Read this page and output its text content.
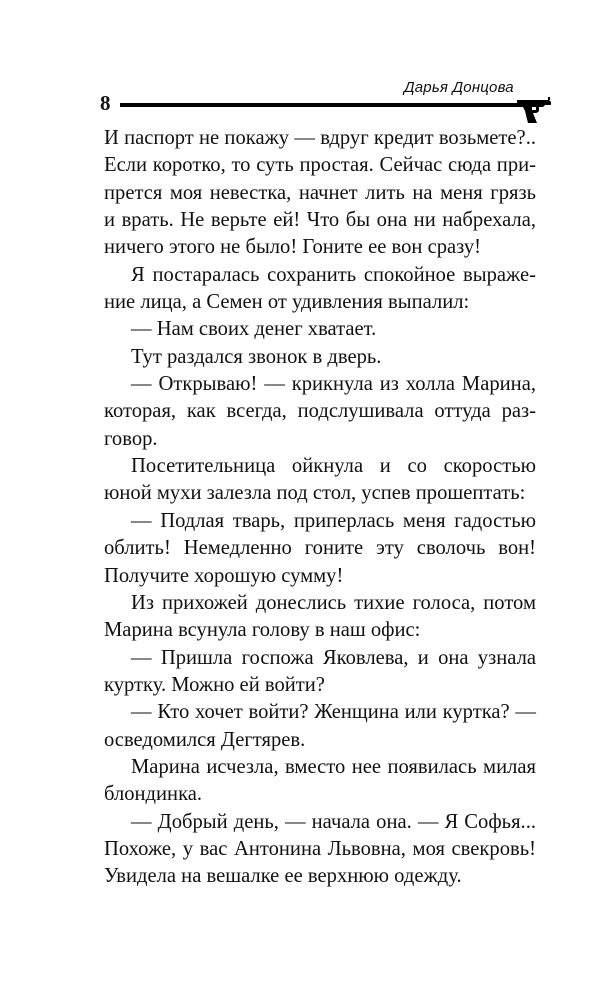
8
Дарья Донцова

И паспорт не покажу — вдруг кредит возьмете?..

Если коротко, то суть простая. Сейчас сюда при-

прется моя невестка, начнет лить на меня грязь

и врать. Не верьте ей! Что бы она ни набрехала,

ничего этого не было! Гоните ее вон сразу!

Я постаралась сохранить спокойное выраже-

ние лица, а Семен от удивления выпалил:

— Нам своих денег хватает.

Тут раздался звонок в дверь.

— Открываю! — крикнула из холла Марина,

которая, как всегда, подслушивала оттуда раз-

говор.

Посетительница ойкнула и со скоростью

юной мухи залезла под стол, успев прошептать:

— Подлая тварь, приперлась меня гадостью

облить! Немедленно гоните эту сволочь вон!

Получите хорошую сумму!

Из прихожей донеслись тихие голоса, потом

Марина всунула голову в наш офис:

— Пришла госпожа Яковлева, и она узнала

куртку. Можно ей войти?

— Кто хочет войти? Женщина или куртка? —

осведомился Дегтярев.

Марина исчезла, вместо нее появилась милая

блондинка.

— Добрый день, — начала она. — Я Софья...

Похоже, у вас Антонина Львовна, моя свекровь!

Увидела на вешалке ее верхнюю одежду.
